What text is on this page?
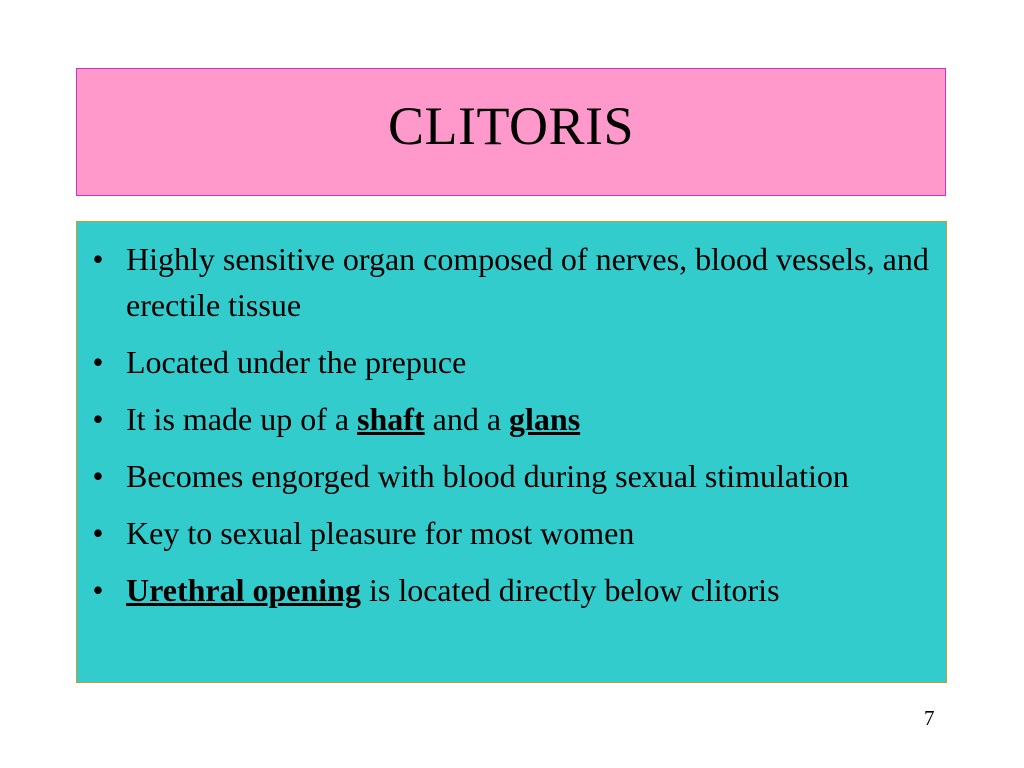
CLITORIS
• Highly sensitive organ composed of nerves, blood vessels, and erectile tissue
• Located under the prepuce
• It is made up of a shaft and a glans
• Becomes engorged with blood during sexual stimulation
• Key to sexual pleasure for most women
• Urethral opening is located directly below clitoris
7
